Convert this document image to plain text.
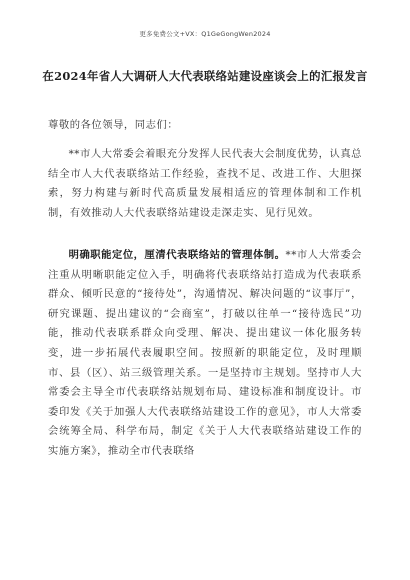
更多免费公文+VX：Q1GeGongWen2024
在2024年省人大调研人大代表联络站建设座谈会上的汇报发言
尊敬的各位领导，同志们：
**市人大常委会着眼充分发挥人民代表大会制度优势，认真总结全市人大代表联络站工作经验，查找不足、改进工作、大胆探索，努力构建与新时代高质量发展相适应的管理体制和工作机制，有效推动人大代表联络站建设走深走实、见行见效。
明确职能定位，厘清代表联络站的管理体制。**市人大常委会注重从明晰职能定位入手，明确将代表联络站打造成为代表联系群众、倾听民意的“接待处”，沟通情况、解决问题的“议事厅”，研究课题、提出建议的“会商室”，打破以往单一“接待选民”功能，推动代表联系群众向受理、解决、提出建议一体化服务转变，进一步拓展代表履职空间。按照新的职能定位，及时理顺市、县（区）、站三级管理关系。一是坚持市主规划。坚持市人大常委会主导全市代表联络站规划布局、建设标准和制度设计。市委印发《关于加强人大代表联络站建设工作的意见》，市人大常委会统筹全局、科学布局，制定《关于人大代表联络站建设工作的实施方案》，推动全市代表联络
